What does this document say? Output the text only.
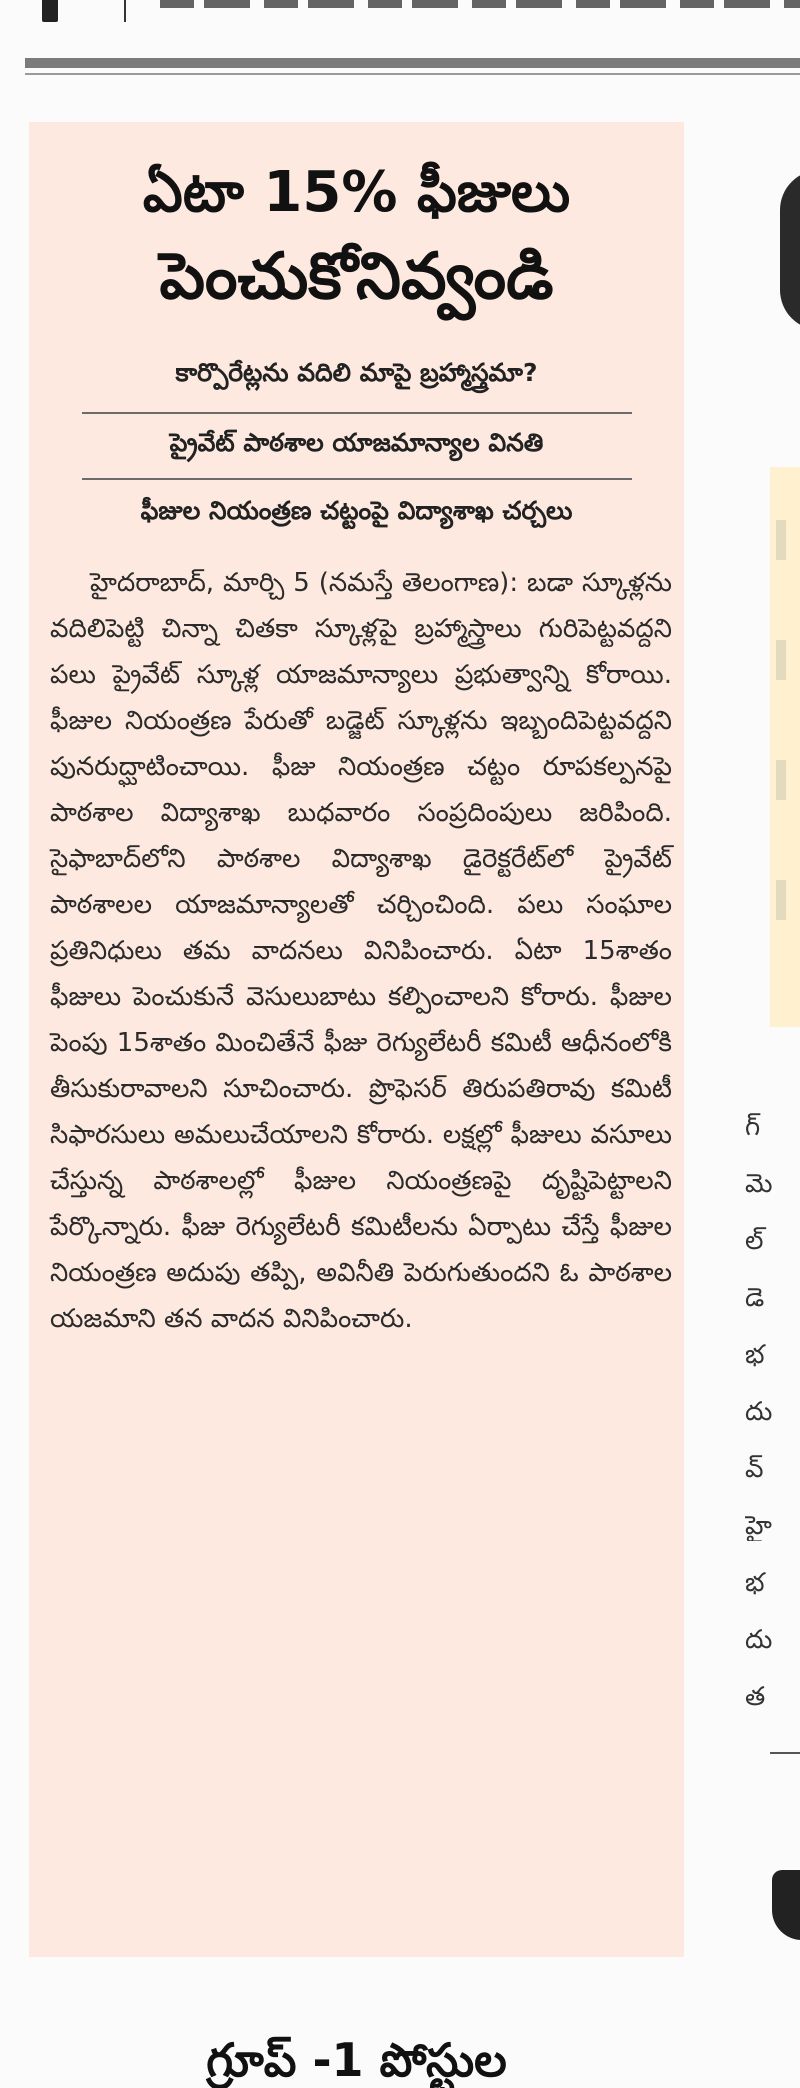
ఏటా 15% ఫీజులు
పెంచుకోనివ్వండి
కార్పొరేట్లను వదిలి మాపై బ్రహ్మాస్త్రమా?
ప్రైవేట్ పాఠశాల యాజమాన్యాల వినతి
ఫీజుల నియంత్రణ చట్టంపై విద్యాశాఖ చర్చలు

హైదరాబాద్, మార్చి 5 (నమస్తే తెలంగాణ): బడా స్కూళ్లను వదిలిపెట్టి చిన్నా చితకా స్కూళ్లపై బ్రహ్మాస్త్రాలు గురిపెట్టవద్దని పలు ప్రైవేట్ స్కూళ్ల యాజమాన్యాలు ప్రభుత్వాన్ని కోరాయి. ఫీజుల నియంత్రణ పేరుతో బడ్జెట్ స్కూళ్లను ఇబ్బందిపెట్టవద్దని పునరుద్ఘాటించాయి. ఫీజు నియంత్రణ చట్టం రూపకల్పనపై పాఠశాల విద్యాశాఖ బుధవారం సంప్రదింపులు జరిపింది. సైఫాబాద్‌లోని పాఠశాల విద్యాశాఖ డైరెక్టరేట్‌లో ప్రైవేట్ పాఠశాలల యాజమాన్యాలతో చర్చించింది. పలు సంఘాల ప్రతినిధులు తమ వాదనలు వినిపించారు. ఏటా 15శాతం ఫీజులు పెంచుకునే వెసులుబాటు కల్పించాలని కోరారు. ఫీజుల పెంపు 15శాతం మించితేనే ఫీజు రెగ్యులేటరీ కమిటీ ఆధీనంలోకి తీసుకురావాలని సూచించారు. ప్రొఫెసర్ తిరుపతిరావు కమిటీ సిఫారసులు అమలుచేయాలని కోరారు. లక్షల్లో ఫీజులు వసూలు చేస్తున్న పాఠశాలల్లో ఫీజుల నియంత్రణపై దృష్టిపెట్టాలని పేర్కొన్నారు. ఫీజు రెగ్యులేటరీ కమిటీలను ఏర్పాటు చేస్తే ఫీజుల నియంత్రణ అదుపు తప్పి, అవినీతి పెరుగుతుందని ఓ పాఠశాల యజమాని తన వాదన వినిపించారు.

గ్రూప్ -1 పోస్టుల
గ్
మె
ల్
డె
భ
దు
వ్
హై
భ
దు
త
